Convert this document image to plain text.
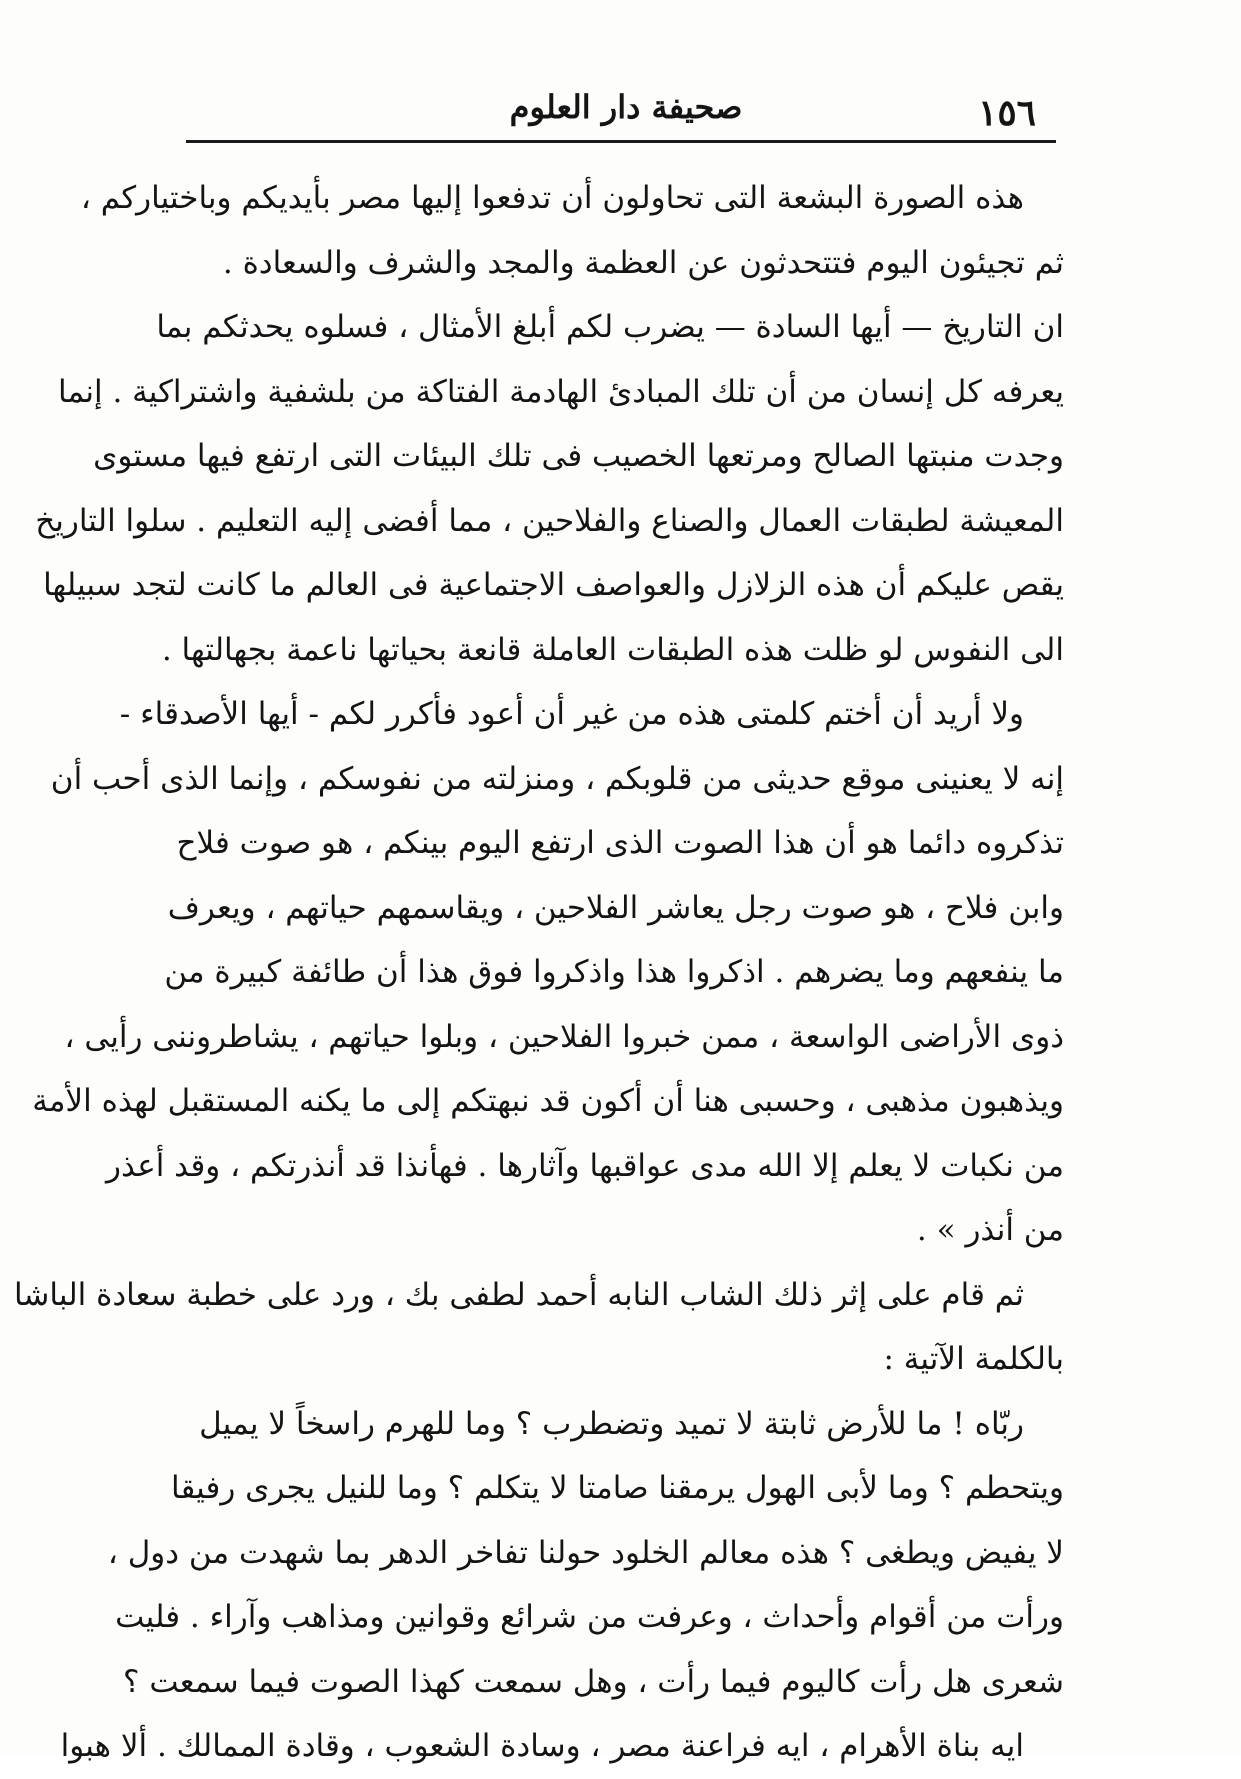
صحيفة دار العلوم	١٥٦
هذه الصورة البشعة التى تحاولون أن تدفعوا إليها مصر بأيديكم وباختياركم ،
ثم تجيئون اليوم فتتحدثون عن العظمة والمجد والشرف والسعادة .
ان التاريخ — أيها السادة — يضرب لكم أبلغ الأمثال ، فسلوه يحدثكم بما
يعرفه كل إنسان من أن تلك المبادئ الهادمة الفتاكة من بلشفية واشتراكية . إنما
وجدت منبتها الصالح ومرتعها الخصيب فى تلك البيئات التى ارتفع فيها مستوى
المعيشة لطبقات العمال والصناع والفلاحين ، مما أفضى إليه التعليم . سلوا التاريخ
يقص عليكم أن هذه الزلازل والعواصف الاجتماعية فى العالم ما كانت لتجد سبيلها
الى النفوس لو ظلت هذه الطبقات العاملة قانعة بحياتها ناعمة بجهالتها .
ولا أريد أن أختم كلمتى هذه من غير أن أعود فأكرر لكم - أيها الأصدقاء -
إنه لا يعنينى موقع حديثى من قلوبكم ، ومنزلته من نفوسكم ، وإنما الذى أحب أن
تذكروه دائما هو أن هذا الصوت الذى ارتفع اليوم بينكم ، هو صوت فلاح
وابن فلاح ، هو صوت رجل يعاشر الفلاحين ، ويقاسمهم حياتهم ، ويعرف
ما ينفعهم وما يضرهم . اذكروا هذا واذكروا فوق هذا أن طائفة كبيرة من
ذوى الأراضى الواسعة ، ممن خبروا الفلاحين ، وبلوا حياتهم ، يشاطروننى رأيى ،
ويذهبون مذهبى ، وحسبى هنا أن أكون قد نبهتكم إلى ما يكنه المستقبل لهذه الأمة
من نكبات لا يعلم إلا الله مدى عواقبها وآثارها . فهأنذا قد أنذرتكم ، وقد أعذر
من أنذر » .
ثم قام على إثر ذلك الشاب النابه أحمد لطفى بك ، ورد على خطبة سعادة الباشا
بالكلمة الآتية :
ربّاه ! ما للأرض ثابتة لا تميد وتضطرب ؟ وما للهرم راسخاً لا يميل
ويتحطم ؟ وما لأبى الهول يرمقنا صامتا لا يتكلم ؟ وما للنيل يجرى رفيقا
لا يفيض ويطغى ؟ هذه معالم الخلود حولنا تفاخر الدهر بما شهدت من دول ،
ورأت من أقوام وأحداث ، وعرفت من شرائع وقوانين ومذاهب وآراء . فليت
شعرى هل رأت كاليوم فيما رأت ، وهل سمعت كهذا الصوت فيما سمعت ؟
ايه بناة الأهرام ، ايه فراعنة مصر ، وسادة الشعوب ، وقادة الممالك . ألا هبوا
